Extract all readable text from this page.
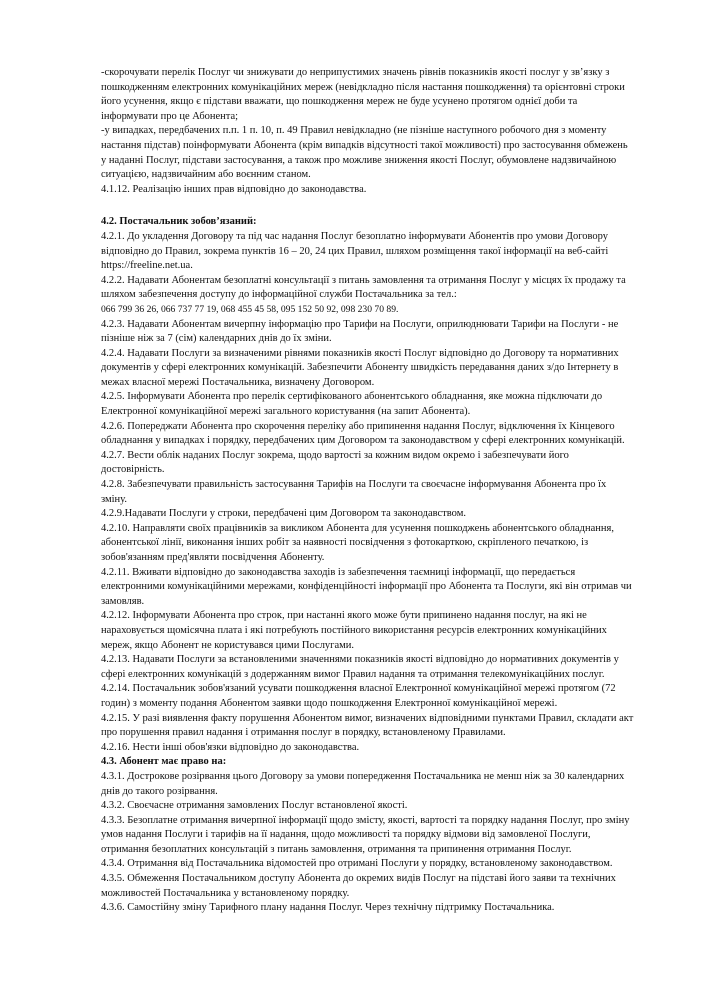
-скорочувати перелік Послуг чи знижувати до неприпустимих значень рівнів показників якості послуг у зв’язку з пошкодженням електронних комунікаційних мереж (невідкладно після настання пошкодження) та орієнтовні строки його усунення, якщо є підстави вважати, що пошкодження мереж не буде усунено протягом однієї доби та інформувати про це Абонента;

-у випадках, передбачених п.п. 1 п. 10, п. 49 Правил невідкладно (не пізніше наступного робочого дня з моменту настання підстав) поінформувати Абонента (крім випадків відсутності такої можливості) про застосування обмежень у наданні Послуг, підстави застосування, а також про можливе зниження якості Послуг, обумовлене надзвичайною ситуацією, надзвичайним або воєнним станом.

4.1.12. Реалізацію інших прав відповідно до законодавства.

4.2. Постачальник зобов’язаний:

4.2.1. До укладення Договору та під час надання Послуг безоплатно інформувати Абонентів про умови Договору відповідно до Правил, зокрема пунктів 16 – 20, 24 цих Правил, шляхом розміщення такої інформації на веб-сайті https://freeline.net.ua.

4.2.2. Надавати Абонентам безоплатні консультації з питань замовлення та отримання Послуг у місцях їх продажу та шляхом забезпечення доступу до інформаційної служби Постачальника за тел.:

066 799 36 26, 066 737 77 19, 068 455 45 58, 095 152 50 92, 098 230 70 89.

4.2.3. Надавати Абонентам вичерпну інформацію про Тарифи на Послуги, оприлюднювати Тарифи на Послуги - не пізніше ніж за 7 (сім) календарних днів до їх зміни.

4.2.4. Надавати Послуги за визначеними рівнями показників якості Послуг відповідно до Договору та нормативних документів у сфері електронних комунікацій. Забезпечити Абоненту швидкість передавання даних з/до Інтернету в межах власної мережі Постачальника, визначену Договором.

4.2.5. Інформувати Абонента про перелік сертифікованого абонентського обладнання, яке можна підключати до Електронної комунікаційної мережі загального користування (на запит Абонента).

4.2.6. Попереджати Абонента про скорочення переліку або припинення надання Послуг, відключення їх Кінцевого обладнання у випадках і порядку, передбачених цим Договором та законодавством у сфері електронних комунікацій.

4.2.7. Вести облік наданих Послуг зокрема, щодо вартості за кожним видом окремо і забезпечувати його достовірність.

4.2.8. Забезпечувати правильність застосування Тарифів на Послуги та своєчасне інформування Абонента про їх зміну.

4.2.9.Надавати Послуги у строки, передбачені цим Договором та законодавством.

4.2.10. Направляти своїх працівників за викликом Абонента для усунення пошкоджень абонентського обладнання, абонентської лінії, виконання інших робіт за наявності посвідчення з фотокарткою, скріпленого печаткою, із зобов'язанням пред'являти посвідчення Абоненту.

4.2.11. Вживати відповідно до законодавства заходів із забезпечення таємниці інформації, що передається електронними комунікаційними мережами, конфіденційності інформації про Абонента та Послуги, які він отримав чи замовляв.

4.2.12. Інформувати Абонента про строк, при настанні якого може бути припинено надання послуг, на які не нараховується щомісячна плата і які потребують постійного використання ресурсів електронних комунікаційних мереж, якщо Абонент не користувався цими Послугами.

4.2.13. Надавати Послуги за встановленими значеннями показників якості відповідно до нормативних документів у сфері електронних комунікацій з додержанням вимог Правил надання та отримання телекомунікаційних послуг.

4.2.14. Постачальник зобов'язаний усувати пошкодження власної Електронної комунікаційної мережі протягом (72 годин) з моменту подання Абонентом заявки щодо пошкодження Електронної комунікаційної мережі.

4.2.15. У разі виявлення факту порушення Абонентом вимог, визначених відповідними пунктами Правил, складати акт про порушення правил надання і отримання послуг в порядку, встановленому Правилами.

4.2.16. Нести інші обов'язки відповідно до законодавства.

4.3. Абонент має право на:

4.3.1. Дострокове розірвання цього Договору за умови попередження Постачальника не менш ніж за 30 календарних днів до такого розірвання.

4.3.2. Своєчасне отримання замовлених Послуг встановленої якості.

4.3.3. Безоплатне отримання вичерпної інформації щодо змісту, якості, вартості та порядку надання Послуг, про зміну умов надання Послуги і тарифів на її надання, щодо можливості та порядку відмови від замовленої Послуги, отримання безоплатних консультацій з питань замовлення, отримання та припинення отримання Послуг.

4.3.4. Отримання від Постачальника відомостей про отримані Послуги у порядку, встановленому законодавством.

4.3.5. Обмеження Постачальником доступу Абонента до окремих видів Послуг на підставі його заяви та технічних можливостей Постачальника у встановленому порядку.

4.3.6. Самостійну зміну Тарифного плану надання Послуг. Через технічну підтримку Постачальника.
